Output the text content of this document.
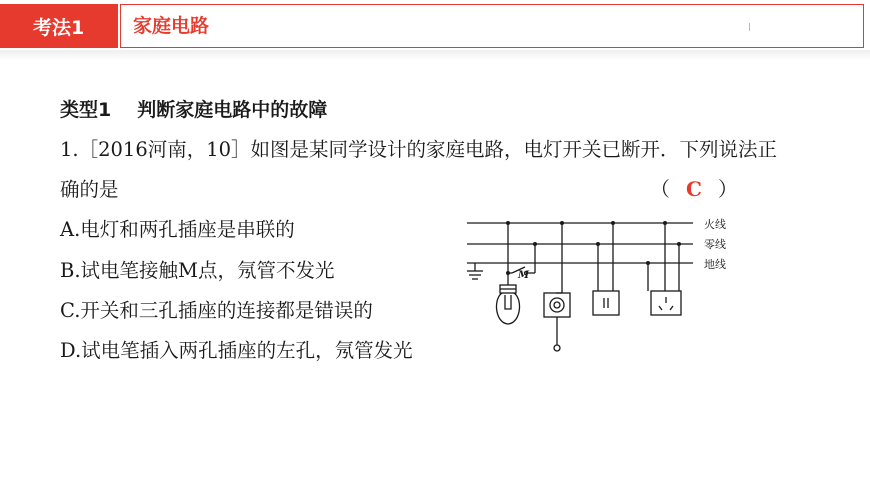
考法1	家庭电路
类型1 判断家庭电路中的故障
1.［2016河南，10］如图是某同学设计的家庭电路，电灯开关已断开．下列说法正
确的是	（ C ）
A.电灯和两孔插座是串联的
B.试电笔接触M点，氖管不发光
C.开关和三孔插座的连接都是错误的
D.试电笔插入两孔插座的左孔，氖管发光
M
火线
零线
地线
